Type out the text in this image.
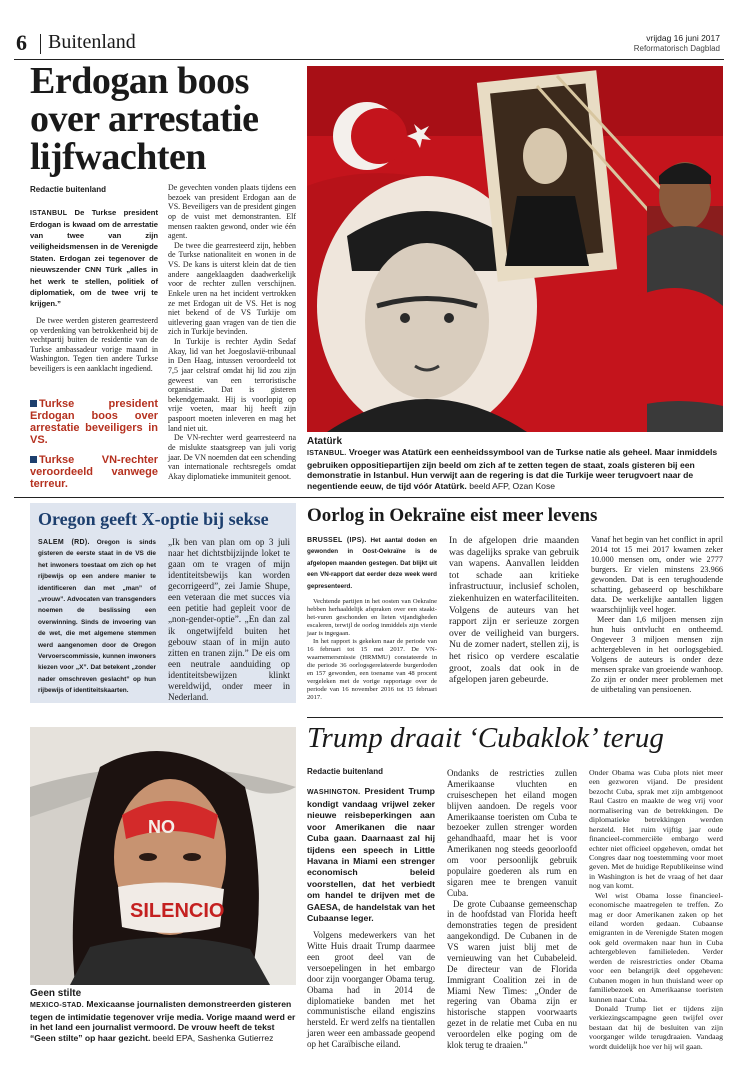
6 Buitenland	vrijdag 16 juni 2017
Reformatorisch Dagblad
Erdogan boos over arrestatie lijfwachten
Redactie buitenland

ISTANBUL De Turkse president Erdogan is kwaad om de arrestatie van twee van zijn veiligheidsmensen in de Verenigde Staten. Erdogan zei tegenover de nieuwszender CNN Türk „alles in het werk te stellen, politiek of diplomatiek, om de twee vrij te krijgen.”

De twee werden gisteren gearresteerd op verdenking van betrokkenheid bij de vechtpartij buiten de residentie van de Turkse ambassadeur vorige maand in Washington. Tegen tien andere Turkse beveiligers is een aanklacht ingediend.

Turkse president Erdogan boos over arrestatie beveiligers in VS.
Turkse VN-rechter veroordeeld vanwege terreur.

De gevechten vonden plaats tijdens een bezoek van president Erdogan aan de VS. Beveiligers van de president gingen op de vuist met demonstranten. Elf mensen raakten gewond, onder wie één agent.

De twee die gearresteerd zijn, hebben de Turkse nationaliteit en wonen in de VS. De kans is uiterst klein dat de tien andere aangeklaagden daadwerkelijk voor de rechter zullen verschijnen. Enkele uren na het incident vertrokken ze met Erdogan uit de VS. Het is nog niet bekend of de VS Turkije om uitlevering gaan vragen van de tien die zich in Turkije bevinden.

In Turkije is rechter Aydin Sedaf Akay, lid van het Joegoslavië-tribunaal in Den Haag, intussen veroordeeld tot 7,5 jaar celstraf omdat hij lid zou zijn geweest van een terroristische organisatie. Dat is gisteren bekendgemaakt. Hij is voorlopig op vrije voeten, maar hij heeft zijn paspoort moeten inleveren en mag het land niet uit.

De VN-rechter werd gearresteerd na de mislukte staatsgreep van juli vorig jaar. De VN noemden dat een schending van internationale rechtsregels omdat Akay diplomatieke immuniteit genoot.

Atatürk
ISTANBUL. Vroeger was Atatürk een eenheidssymbool van de Turkse natie als geheel. Maar inmiddels gebruiken oppositiepartijen zijn beeld om zich af te zetten tegen de staat, zoals gisteren bij een demonstratie in Istanbul. Hun verwijt aan de regering is dat die Turkije weer terugvoert naar de negentiende eeuw, de tijd vóór Atatürk. beeld AFP, Ozan Kose
Oregon geeft X-optie bij sekse

SALEM (RD). Oregon is sinds gisteren de eerste staat in de VS die het inwoners toestaat om zich op het rijbewijs op een andere manier te identificeren dan met „man” of „vrouw”. Advocaten van transgenders noemen de beslissing een overwinning. Sinds de invoering van de wet, die met algemene stemmen werd aangenomen door de Oregon Vervoerscommissie, kunnen inwoners kiezen voor „X”. Dat betekent „zonder nader omschreven geslacht” op hun rijbewijs of identiteitskaarten.

„Ik ben van plan om op 3 juli naar het dichtstbijzijnde loket te gaan om te vragen of mijn identiteitsbewijs kan worden gecorrigeerd”, zei Jamie Shupe, een veteraan die met succes via een petitie had gepleit voor de „non-gender-optie”. „En dan zal ik ongetwijfeld buiten het gebouw staan of in mijn auto zitten en tranen zijn.” De eis om een neutrale aanduiding op identiteitsbewijzen klinkt wereldwijd, onder meer in Nederland.

Oorlog in Oekraïne eist meer levens

BRUSSEL (IPS). Het aantal doden en gewonden in Oost-Oekraïne is de afgelopen maanden gestegen. Dat blijkt uit een VN-rapport dat eerder deze week werd gepresenteerd.

Vechtende partijen in het oosten van Oekraïne hebben herhaaldelijk afspraken over een staakt-het-vuren geschonden en lieten vijandigheden escaleren, terwijl de oorlog inmiddels zijn vierde jaar is ingegaan.

In het rapport is gekeken naar de periode van 16 februari tot 15 mei 2017. De VN-waarnemersmissie (HRMMU) constateerde in die periode 36 oorlogsgerelateerde burgerdoden en 157 gewonden, een toename van 48 procent vergeleken met de vorige rapportage over de periode van 16 november 2016 tot 15 februari 2017.

In de afgelopen drie maanden was dagelijks sprake van gebruik van wapens. Aanvallen leidden tot schade aan kritieke infrastructuur, inclusief scholen, ziekenhuizen en waterfaciliteiten. Volgens de auteurs van het rapport zijn er serieuze zorgen over de veiligheid van burgers. Nu de zomer nadert, stellen zij, is het risico op verdere escalatie groot, zoals dat ook in de afgelopen jaren gebeurde.

Vanaf het begin van het conflict in april 2014 tot 15 mei 2017 kwamen zeker 10.000 mensen om, onder wie 2777 burgers. Er vielen minstens 23.966 gewonden. Dat is een terughoudende schatting, gebaseerd op beschikbare data. De werkelijke aantallen liggen waarschijnlijk veel hoger.

Meer dan 1,6 miljoen mensen zijn hun huis ontvlucht en ontheemd. Ongeveer 3 miljoen mensen zijn achtergebleven in het oorlogsgebied. Volgens de auteurs is onder deze mensen sprake van groeiende wanhoop. Zo zijn er onder meer problemen met de uitbetaling van pensioenen.

NO
SILENCIO
Geen stilte
MEXICO-STAD. Mexicaanse journalisten demonstreerden gisteren tegen de intimidatie tegenover vrije media. Vorige maand werd er in het land een journalist vermoord. De vrouw heeft de tekst “Geen stilte” op haar gezicht. beeld EPA, Sashenka Gutierrez
Trump draait ‘Cubaklok’ terug
Redactie buitenland

WASHINGTON. President Trump kondigt vandaag vrijwel zeker nieuwe reisbeperkingen aan voor Amerikanen die naar Cuba gaan. Daarnaast zal hij tijdens een speech in Little Havana in Miami een strenger economisch beleid voorstellen, dat het verbiedt om handel te drijven met de GAESA, de handelstak van het Cubaanse leger.

Volgens medewerkers van het Witte Huis draait Trump daarmee een groot deel van de versoepelingen in het embargo door zijn voorganger Obama terug. Obama had in 2014 de diplomatieke banden met het communistische eiland engiszins hersteld. Er werd zelfs na tientallen jaren weer een ambassade geopend op het Caraïbische eiland.

Ondanks de restricties zullen Amerikaanse vluchten en cruiseschepen het eiland mogen blijven aandoen. De regels voor Amerikaanse toeristen om Cuba te bezoeker zullen strenger worden gehandhaafd, maar het is voor Amerikanen nog steeds geoorloofd om voor persoonlijk gebruik populaire goederen als rum en sigaren mee te brengen vanuit Cuba.

De grote Cubaanse gemeenschap in de hoofdstad van Florida heeft demonstraties tegen de president aangekondigd. De Cubanen in de VS waren juist blij met de vernieuwing van het Cubabeleid. De directeur van de Florida Immigrant Coalition zei in de Miami New Times: „Onder de regering van Obama zijn er historische stappen voorwaarts gezet in de relatie met Cuba en nu veroordelen elke poging om de klok terug te draaien.”

Onder Obama was Cuba plots niet meer een gezworen vijand. De president bezocht Cuba, sprak met zijn ambtgenoot Raul Castro en maakte de weg vrij voor normalisering van de betrekkingen. De diplomatieke betrekkingen werden hersteld. Het ruim vijftig jaar oude financieel-commerciële embargo werd echter niet officieel opgeheven, omdat het Congres daar nog toestemming voor moet geven. Met de huidige Republikeinse wind in Washington is het de vraag of het daar nog van komt.

Wel wist Obama losse financieel-economische maatregelen te treffen. Zo mag er door Amerikanen zaken op het eiland worden gedaan. Cubaanse emigranten in de Verenigde Staten mogen ook geld overmaken naar hun in Cuba achtergebleven familieleden. Verder werden de reisrestricties onder Obama voor een belangrijk deel opgeheven: Cubanen mogen in hun thuisland weer op familiebezoek en Amerikaanse toeristen kunnen naar Cuba.

Donald Trump liet er tijdens zijn verkiezingscampagne geen twijfel over bestaan dat hij de besluiten van zijn voorganger wilde terugdraaien. Vandaag wordt duidelijk hoe ver hij wil gaan.
